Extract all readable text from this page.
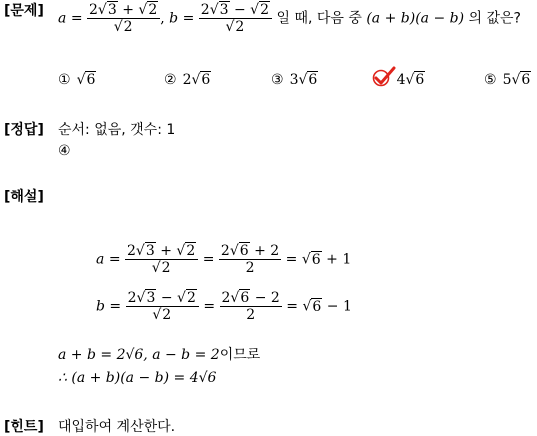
[문제]
[정답]
[해설]
[힌트]
$a = \frac{2√3 + √2}{√2}$ , $b = \frac{2√3 - √2}{√2}$ 일 때, 다음 중 (a + b)(a − b) 의 값은?
① √6	② 2√6	③ 3√6	4√6	⑤ 5√6
순서: 없음, 갯수: 1
④
$a = \frac{2√3 + √2}{√2} = \frac{2√6 + 2}{2} = √6 + 1$
$b = \frac{2√3 - √2}{√2} = \frac{2√6 - 2}{2} = √6 - 1$
a + b = 2√6, a − b = 2이므로
∴ (a + b)(a − b) = 4√6
대입하여 계산한다.
